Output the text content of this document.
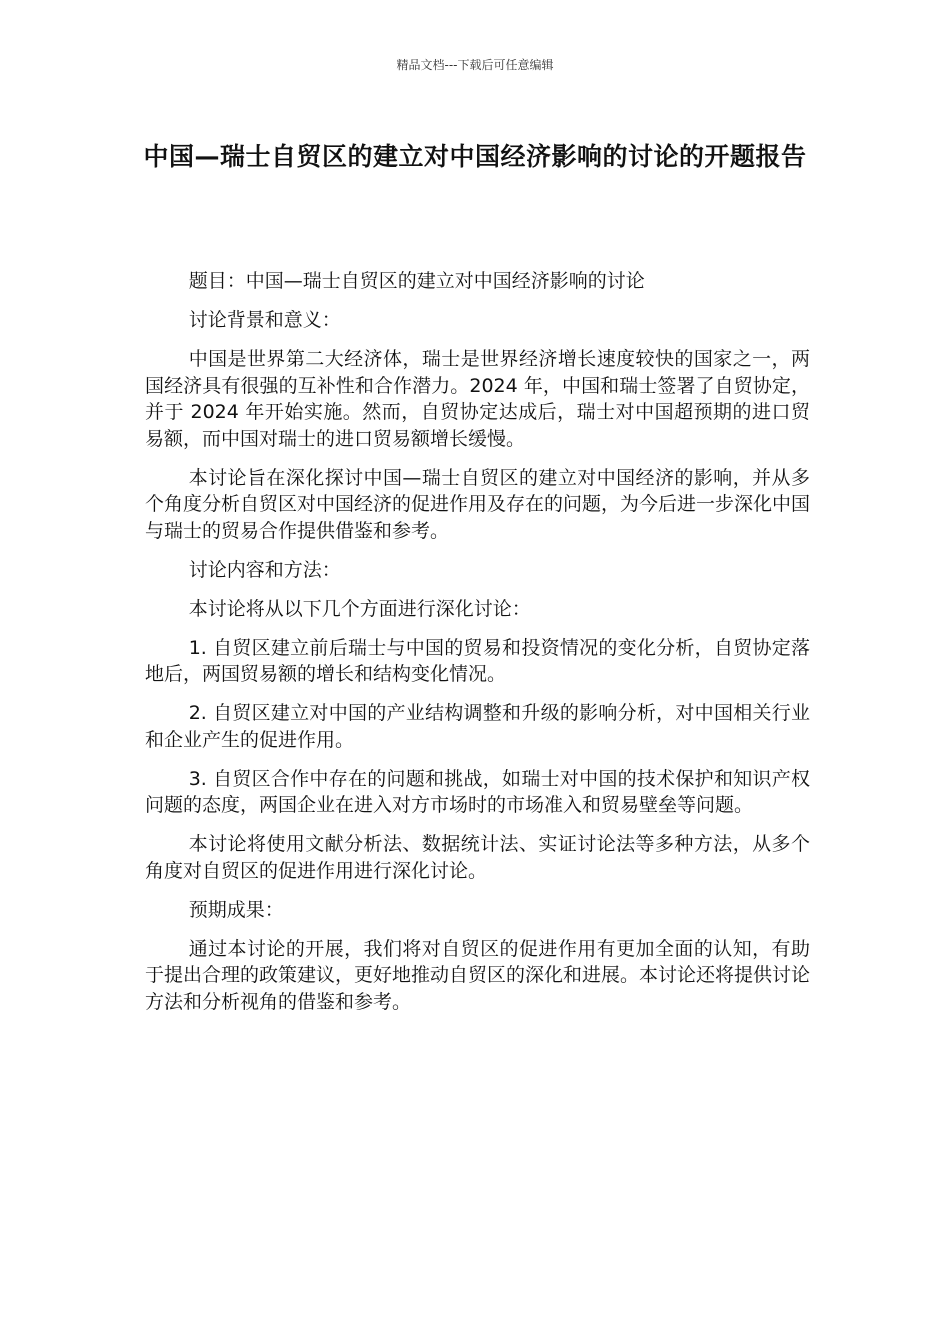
精品文档---下载后可任意编辑
中国—瑞士自贸区的建立对中国经济影响的讨论的开题报告

题目：中国—瑞士自贸区的建立对中国经济影响的讨论

讨论背景和意义：

中国是世界第二大经济体，瑞士是世界经济增长速度较快的国家之一，两国经济具有很强的互补性和合作潜力。2024 年，中国和瑞士签署了自贸协定，并于 2024 年开始实施。然而，自贸协定达成后，瑞士对中国超预期的进口贸易额，而中国对瑞士的进口贸易额增长缓慢。

本讨论旨在深化探讨中国—瑞士自贸区的建立对中国经济的影响，并从多个角度分析自贸区对中国经济的促进作用及存在的问题，为今后进一步深化中国与瑞士的贸易合作提供借鉴和参考。

讨论内容和方法：

本讨论将从以下几个方面进行深化讨论：

1. 自贸区建立前后瑞士与中国的贸易和投资情况的变化分析，自贸协定落地后，两国贸易额的增长和结构变化情况。

2. 自贸区建立对中国的产业结构调整和升级的影响分析，对中国相关行业和企业产生的促进作用。

3. 自贸区合作中存在的问题和挑战，如瑞士对中国的技术保护和知识产权问题的态度，两国企业在进入对方市场时的市场准入和贸易壁垒等问题。

本讨论将使用文献分析法、数据统计法、实证讨论法等多种方法，从多个角度对自贸区的促进作用进行深化讨论。

预期成果：

通过本讨论的开展，我们将对自贸区的促进作用有更加全面的认知，有助于提出合理的政策建议，更好地推动自贸区的深化和进展。本讨论还将提供讨论方法和分析视角的借鉴和参考。
